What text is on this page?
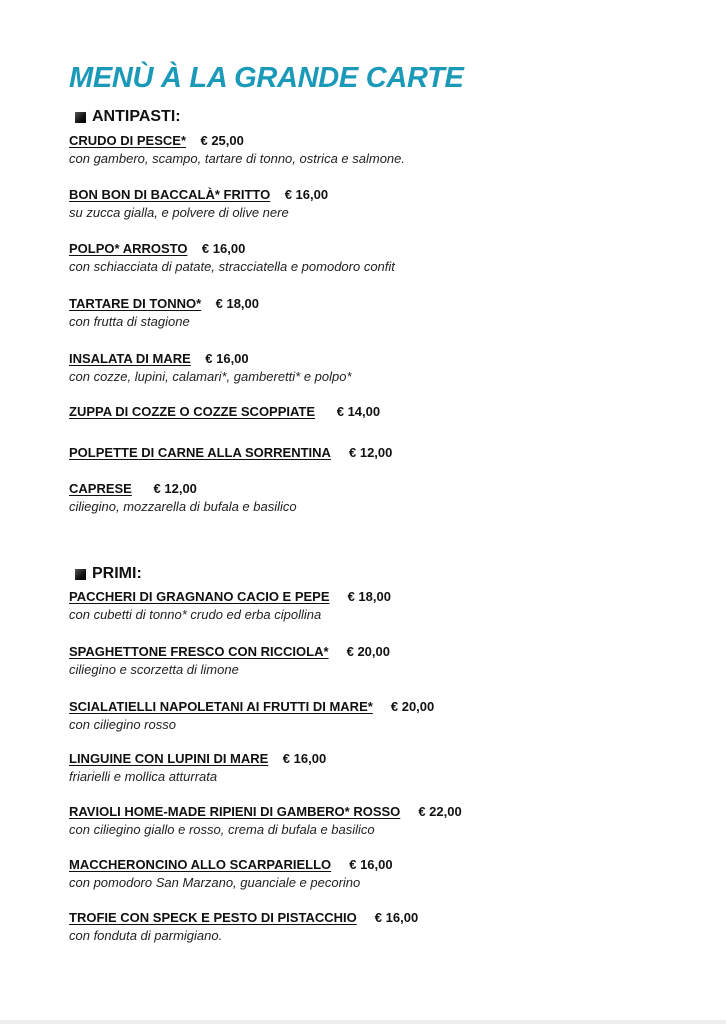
MENÙ À LA GRANDE CARTE
ANTIPASTI:
CRUDO DI PESCE* € 25,00
con gambero, scampo, tartare di tonno, ostrica e salmone.
BON BON DI BACCALÀ* FRITTO € 16,00
su zucca gialla, e polvere di olive nere
POLPO* ARROSTO € 16,00
con schiacciata di patate, stracciatella e pomodoro confit
TARTARE DI TONNO* € 18,00
con frutta di stagione
INSALATA DI MARE € 16,00
con cozze, lupini, calamari*, gamberetti* e polpo*
ZUPPA DI COZZE O COZZE SCOPPIATE € 14,00
POLPETTE DI CARNE ALLA SORRENTINA € 12,00
CAPRESE € 12,00
ciliegino, mozzarella di bufala e basilico
PRIMI:
PACCHERI DI GRAGNANO CACIO E PEPE € 18,00
con cubetti di tonno* crudo ed erba cipollina
SPAGHETTONE FRESCO CON RICCIOLA* € 20,00
ciliegino e scorzetta di limone
SCIALATIELLI NAPOLETANI AI FRUTTI DI MARE* € 20,00
con ciliegino rosso
LINGUINE CON LUPINI DI MARE € 16,00
friarielli e mollica atturrata
RAVIOLI HOME-MADE RIPIENI DI GAMBERO* ROSSO € 22,00
con ciliegino giallo e rosso, crema di bufala e basilico
MACCHERONCINO ALLO SCARPARIELLO € 16,00
con pomodoro San Marzano, guanciale e pecorino
TROFIE CON SPECK E PESTO DI PISTACCHIO € 16,00
con fonduta di parmigiano.
